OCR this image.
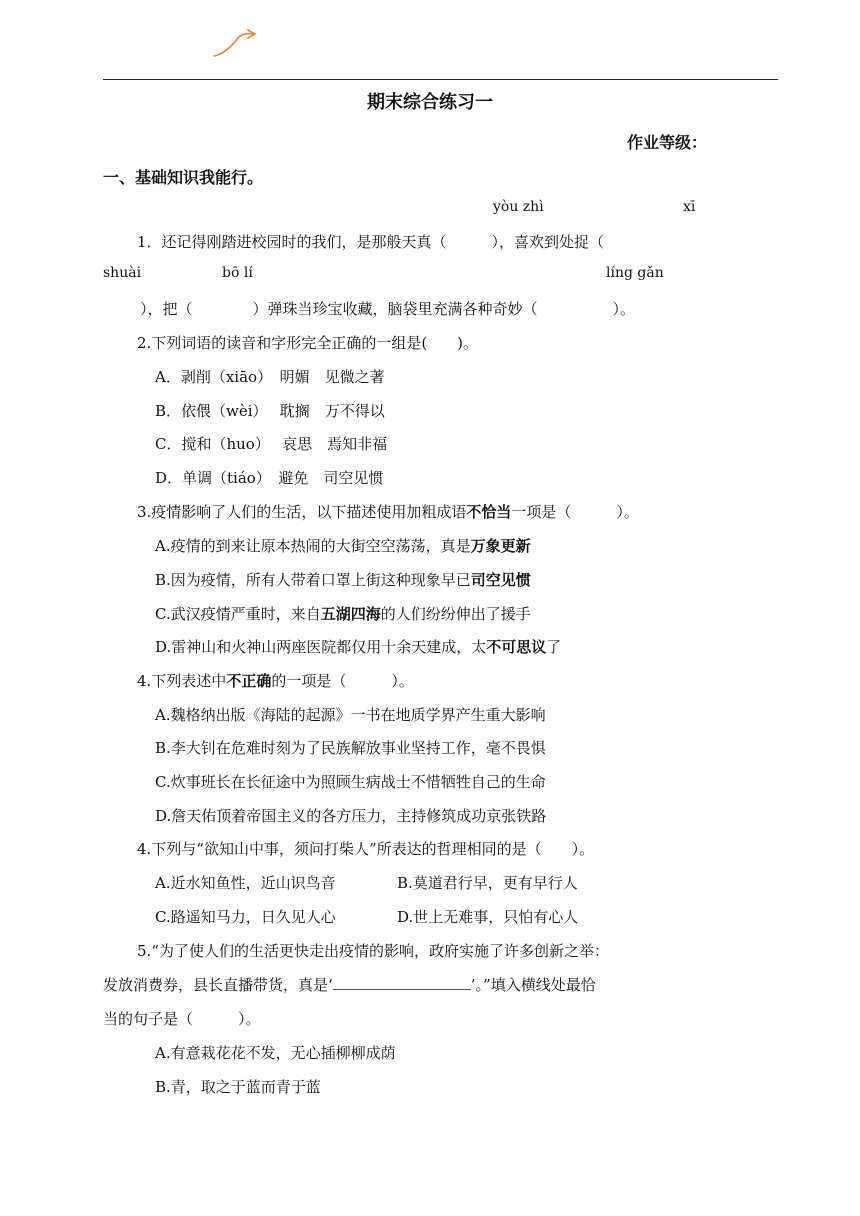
期末综合练习一
作业等级：
一、基础知识我能行。
yòu zhì	xī
1．还记得刚踏进校园时的我们，是那般天真（　　　），喜欢到处捉（
shuài	bō lí	líng gǎn
），把（　　　　）弹珠当珍宝收藏，脑袋里充满各种奇妙（　　　　　）。
2.下列词语的读音和字形完全正确的一组是(　　)。
A．剥削（xiāo）　明媚　见微之著
B．依偎（wèi）　 耽搁　万不得以
C．搅和（huo）　 哀思　焉知非福
D．单调（tiáo）　避免　司空见惯
3.疫情影响了人们的生活，以下描述使用加粗成语不恰当一项是（　　　）。
A.疫情的到来让原本热闹的大街空空荡荡，真是万象更新
B.因为疫情，所有人带着口罩上街这种现象早已司空见惯
C.武汉疫情严重时，来自五湖四海的人们纷纷伸出了援手
D.雷神山和火神山两座医院都仅用十余天建成，太不可思议了
4.下列表述中不正确的一项是（　　　）。
A.魏格纳出版《海陆的起源》一书在地质学界产生重大影响
B.李大钊在危难时刻为了民族解放事业坚持工作，毫不畏惧
C.炊事班长在长征途中为照顾生病战士不惜牺牲自己的生命
D.詹天佑顶着帝国主义的各方压力，主持修筑成功京张铁路
4.下列与“欲知山中事，须问打柴人”所表达的哲理相同的是（　　）。
A.近水知鱼性，近山识鸟音	B.莫道君行早，更有早行人
C.路遥知马力，日久见人心	D.世上无难事，只怕有心人
5.“为了使人们的生活更快走出疫情的影响，政府实施了许多创新之举：
发放消费券，县长直播带货，真是‘	’。”填入横线处最恰
当的句子是（　　　）。
A.有意栽花花不发，无心插柳柳成荫
B.青，取之于蓝而青于蓝
